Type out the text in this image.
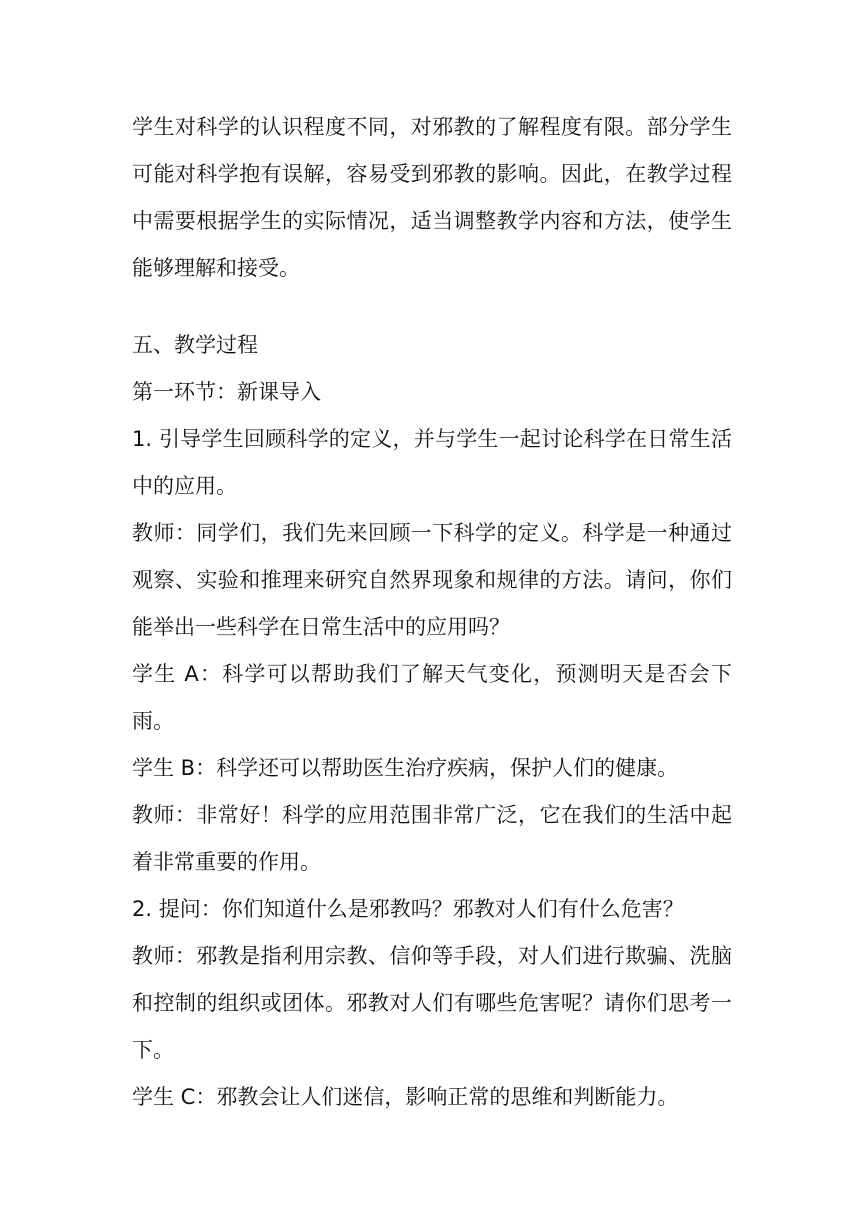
学生对科学的认识程度不同，对邪教的了解程度有限。部分学生可能对科学抱有误解，容易受到邪教的影响。因此，在教学过程中需要根据学生的实际情况，适当调整教学内容和方法，使学生能够理解和接受。

五、教学过程

第一环节：新课导入

1. 引导学生回顾科学的定义，并与学生一起讨论科学在日常生活中的应用。

教师：同学们，我们先来回顾一下科学的定义。科学是一种通过观察、实验和推理来研究自然界现象和规律的方法。请问，你们能举出一些科学在日常生活中的应用吗？

学生 A：科学可以帮助我们了解天气变化，预测明天是否会下雨。

学生 B：科学还可以帮助医生治疗疾病，保护人们的健康。

教师：非常好！科学的应用范围非常广泛，它在我们的生活中起着非常重要的作用。

2. 提问：你们知道什么是邪教吗？邪教对人们有什么危害？

教师：邪教是指利用宗教、信仰等手段，对人们进行欺骗、洗脑和控制的组织或团体。邪教对人们有哪些危害呢？请你们思考一下。

学生 C：邪教会让人们迷信，影响正常的思维和判断能力。
